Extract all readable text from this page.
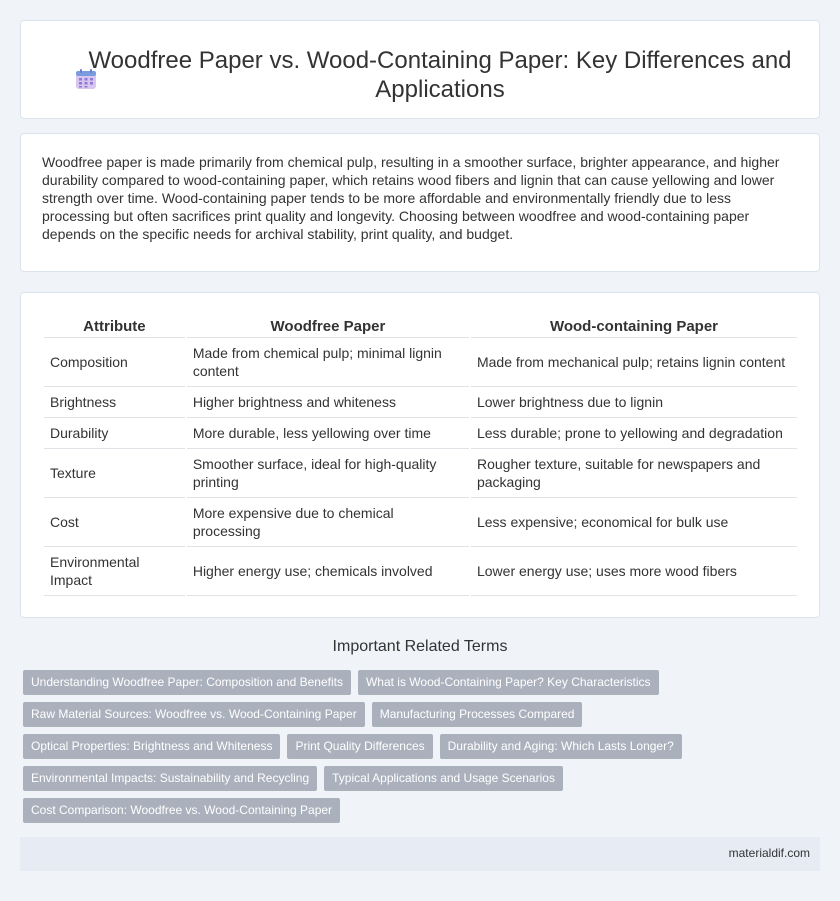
Woodfree Paper vs. Wood-Containing Paper: Key Differences and Applications

Woodfree paper is made primarily from chemical pulp, resulting in a smoother surface, brighter appearance, and higher durability compared to wood-containing paper, which retains wood fibers and lignin that can cause yellowing and lower strength over time. Wood-containing paper tends to be more affordable and environmentally friendly due to less processing but often sacrifices print quality and longevity. Choosing between woodfree and wood-containing paper depends on the specific needs for archival stability, print quality, and budget.

Attribute	Woodfree Paper	Wood-containing Paper
Composition	Made from chemical pulp; minimal lignin content	Made from mechanical pulp; retains lignin content
Brightness	Higher brightness and whiteness	Lower brightness due to lignin
Durability	More durable, less yellowing over time	Less durable; prone to yellowing and degradation
Texture	Smoother surface, ideal for high-quality printing	Rougher texture, suitable for newspapers and packaging
Cost	More expensive due to chemical processing	Less expensive; economical for bulk use
Environmental Impact	Higher energy use; chemicals involved	Lower energy use; uses more wood fibers
Important Related Terms
Understanding Woodfree Paper: Composition and Benefits	What is Wood-Containing Paper? Key Characteristics
Raw Material Sources: Woodfree vs. Wood-Containing Paper	Manufacturing Processes Compared
Optical Properties: Brightness and Whiteness	Print Quality Differences	Durability and Aging: Which Lasts Longer?
Environmental Impacts: Sustainability and Recycling	Typical Applications and Usage Scenarios
Cost Comparison: Woodfree vs. Wood-Containing Paper
materialdif.com
